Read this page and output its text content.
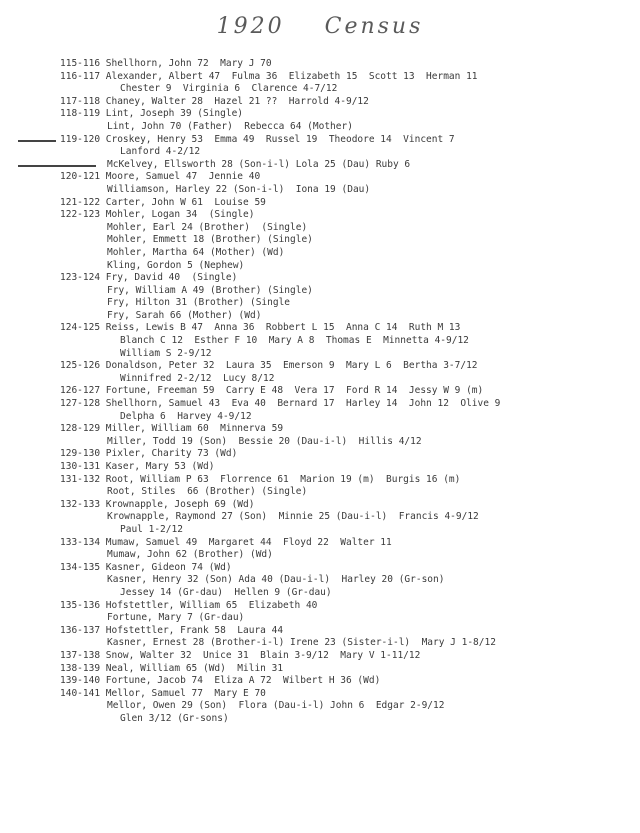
1920 Census
115-116 Shellhorn, John 72  Mary J 70
116-117 Alexander, Albert 47  Fulma 36  Elizabeth 15  Scott 13  Herman 11
Chester 9  Virginia 6  Clarence 4-7/12
117-118 Chaney, Walter 28  Hazel 21 ??  Harrold 4-9/12
118-119 Lint, Joseph 39 (Single)
Lint, John 70 (Father)  Rebecca 64 (Mother)
119-120 Croskey, Henry 53  Emma 49  Russel 19  Theodore 14  Vincent 7
Lanford 4-2/12
McKelvey, Ellsworth 28 (Son-i-l) Lola 25 (Dau) Ruby 6
120-121 Moore, Samuel 47  Jennie 40
Williamson, Harley 22 (Son-i-l)  Iona 19 (Dau)
121-122 Carter, John W 61  Louise 59
122-123 Mohler, Logan 34  (Single)
Mohler, Earl 24 (Brother)  (Single)
Mohler, Emmett 18 (Brother) (Single)
Mohler, Martha 64 (Mother) (Wd)
Kling, Gordon 5 (Nephew)
123-124 Fry, David 40  (Single)
Fry, William A 49 (Brother) (Single)
Fry, Hilton 31 (Brother) (Single
Fry, Sarah 66 (Mother) (Wd)
124-125 Reiss, Lewis B 47  Anna 36  Robbert L 15  Anna C 14  Ruth M 13
Blanch C 12  Esther F 10  Mary A 8  Thomas E  Minnetta 4-9/12
William S 2-9/12
125-126 Donaldson, Peter 32  Laura 35  Emerson 9  Mary L 6  Bertha 3-7/12
Winnifred 2-2/12  Lucy 8/12
126-127 Fortune, Freeman 59  Carry E 48  Vera 17  Ford R 14  Jessy W 9 (m)
127-128 Shellhorn, Samuel 43  Eva 40  Bernard 17  Harley 14  John 12  Olive 9
Delpha 6  Harvey 4-9/12
128-129 Miller, William 60  Minnerva 59
Miller, Todd 19 (Son)  Bessie 20 (Dau-i-l)  Hillis 4/12
129-130 Pixler, Charity 73 (Wd)
130-131 Kaser, Mary 53 (Wd)
131-132 Root, William P 63  Florrence 61  Marion 19 (m)  Burgis 16 (m)
Root, Stiles  66 (Brother) (Single)
132-133 Krownapple, Joseph 69 (Wd)
Krownapple, Raymond 27 (Son)  Minnie 25 (Dau-i-l)  Francis 4-9/12
Paul 1-2/12
133-134 Mumaw, Samuel 49  Margaret 44  Floyd 22  Walter 11
Mumaw, John 62 (Brother) (Wd)
134-135 Kasner, Gideon 74 (Wd)
Kasner, Henry 32 (Son) Ada 40 (Dau-i-l)  Harley 20 (Gr-son)
Jessey 14 (Gr-dau)  Hellen 9 (Gr-dau)
135-136 Hofstettler, William 65  Elizabeth 40
Fortune, Mary 7 (Gr-dau)
136-137 Hofstettler, Frank 58  Laura 44
Kasner, Ernest 28 (Brother-i-l) Irene 23 (Sister-i-l)  Mary J 1-8/12
137-138 Snow, Walter 32  Unice 31  Blain 3-9/12  Mary V 1-11/12
138-139 Neal, William 65 (Wd)  Milin 31
139-140 Fortune, Jacob 74  Eliza A 72  Wilbert H 36 (Wd)
140-141 Mellor, Samuel 77  Mary E 70
Mellor, Owen 29 (Son)  Flora (Dau-i-l) John 6  Edgar 2-9/12
Glen 3/12 (Gr-sons)
